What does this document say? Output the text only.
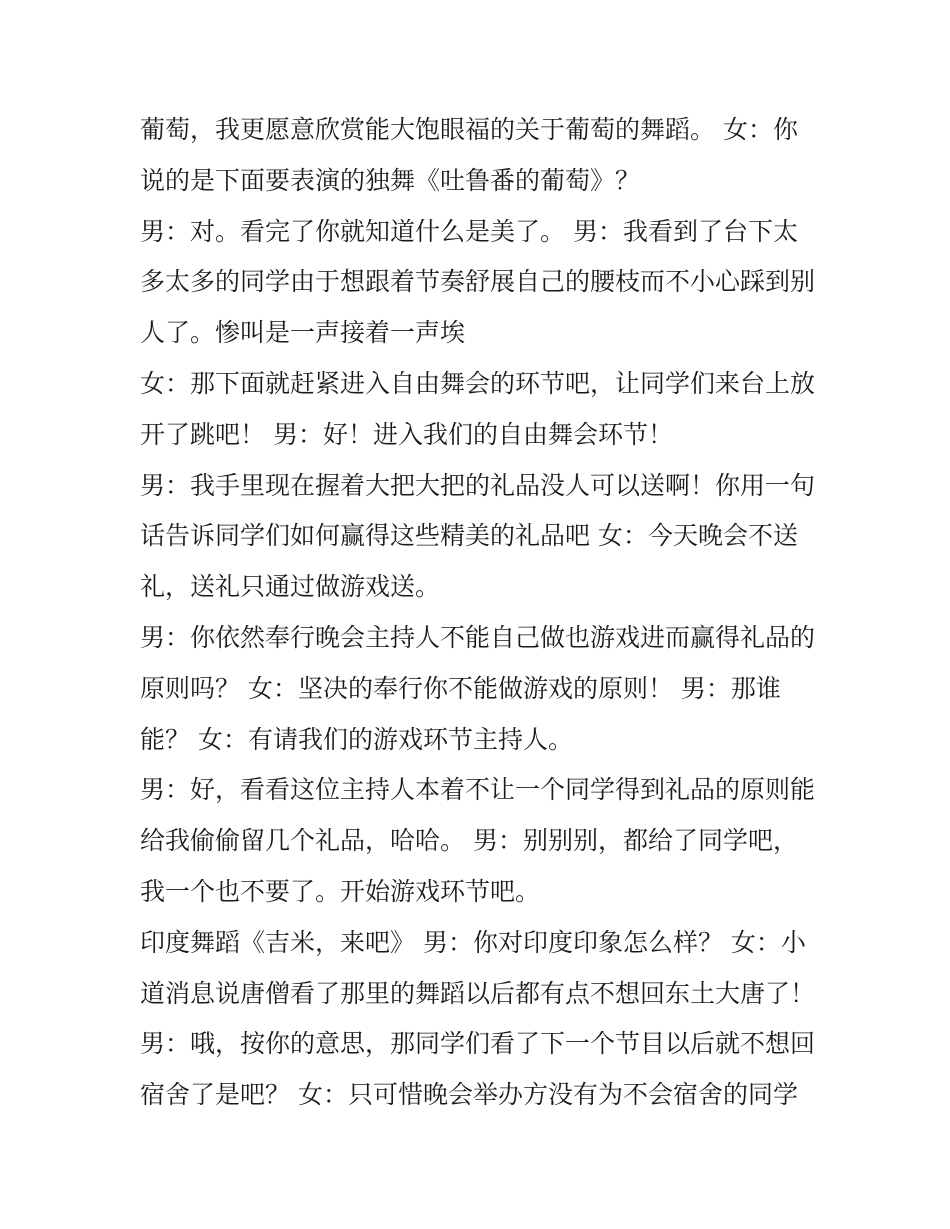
葡萄，我更愿意欣赏能大饱眼福的关于葡萄的舞蹈。 女：你
说的是下面要表演的独舞《吐鲁番的葡萄》？
男：对。看完了你就知道什么是美了。 男：我看到了台下太
多太多的同学由于想跟着节奏舒展自己的腰枝而不小心踩到别
人了。惨叫是一声接着一声埃
女：那下面就赶紧进入自由舞会的环节吧，让同学们来台上放
开了跳吧！ 男：好！进入我们的自由舞会环节！
男：我手里现在握着大把大把的礼品没人可以送啊！你用一句
话告诉同学们如何赢得这些精美的礼品吧 女：今天晚会不送
礼，送礼只通过做游戏送。
男：你依然奉行晚会主持人不能自己做也游戏进而赢得礼品的
原则吗？ 女：坚决的奉行你不能做游戏的原则！ 男：那谁
能？ 女：有请我们的游戏环节主持人。
男：好，看看这位主持人本着不让一个同学得到礼品的原则能
给我偷偷留几个礼品，哈哈。 男：别别别，都给了同学吧，
我一个也不要了。开始游戏环节吧。
印度舞蹈《吉米，来吧》 男：你对印度印象怎么样？ 女：小
道消息说唐僧看了那里的舞蹈以后都有点不想回东土大唐了！
男：哦，按你的意思，那同学们看了下一个节目以后就不想回
宿舍了是吧？ 女：只可惜晚会举办方没有为不会宿舍的同学
